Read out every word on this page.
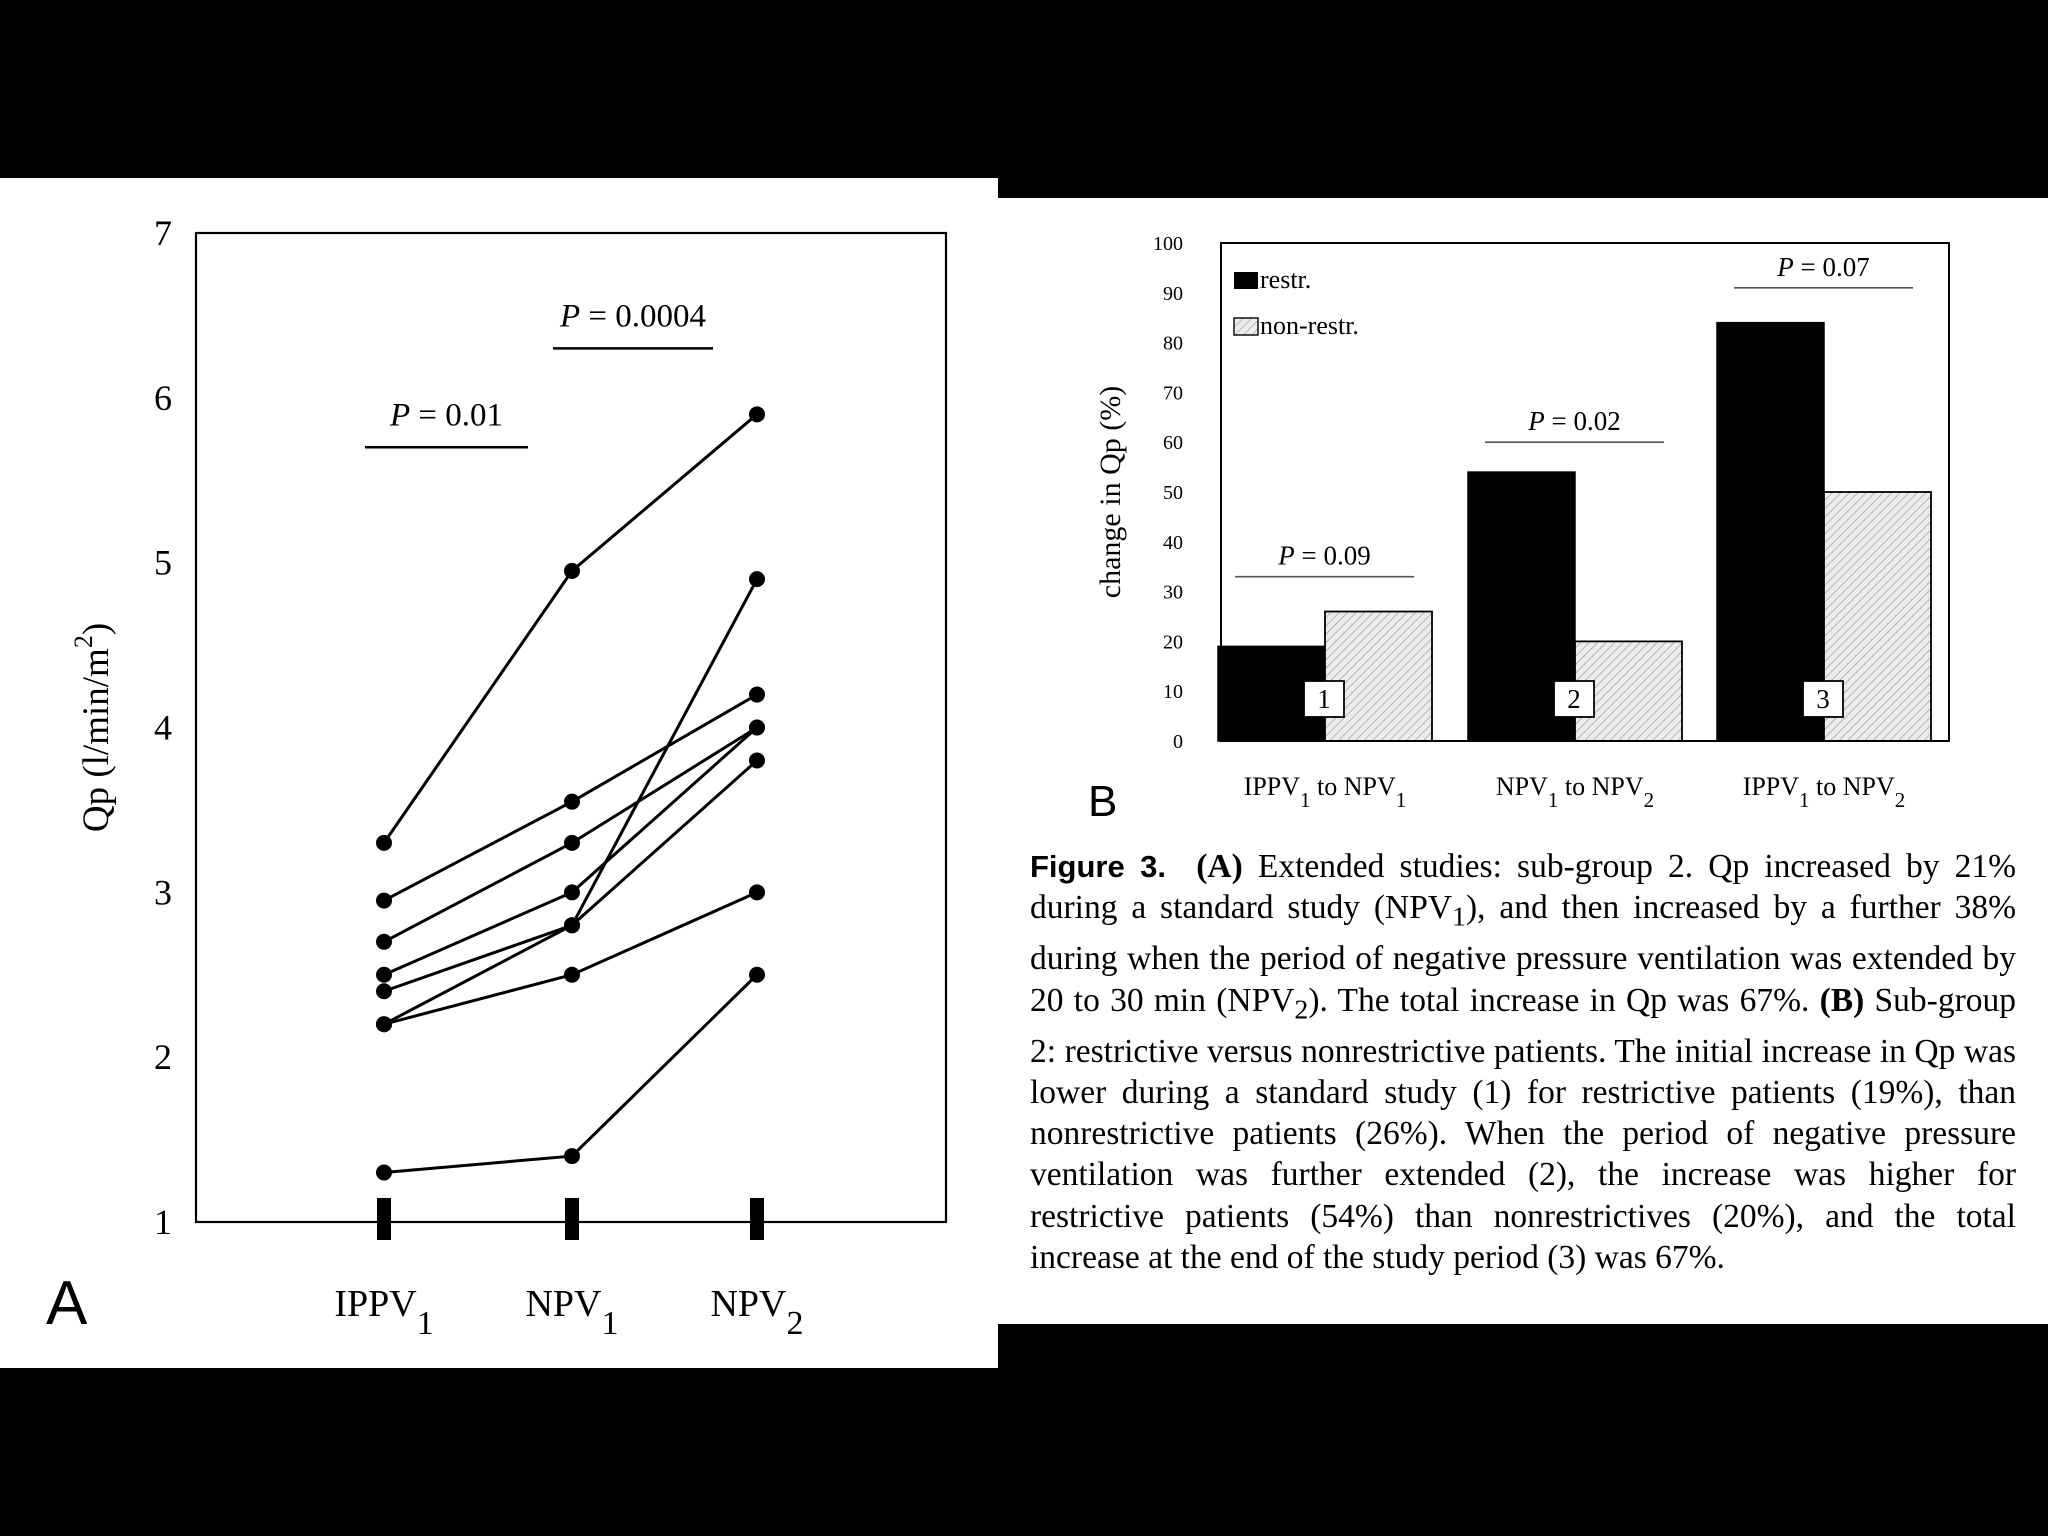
1
2
3
4
5
6
7
Qp $(l/\min/m^2)$
IPPV1 NPV1 NPV2
P = 0.01
P = 0.0004
A
0
10
20
30
40
50
60
70
80
90
100
change in Qp (%)
1
P = 0.09
$IPPV_1$ to $NPV_1$
2
P = 0.02
$NPV_1$ to $NPV_2$
3
P = 0.07
$IPPV_1$ to $NPV_2$
restr.
non-restr.
B
Figure 3. (A) Extended studies: sub-group 2. Qp increased by 21% during a standard study $(NPV_1)$, and then increased by a further 38% during when the period of negative pressure ventilation was extended by 20 to 30 $\min (NPV_2)$. The total increase in Qp was 67%. (B) Sub-group 2: restrictive versus nonrestrictive patients. The initial increase in Qp was lower during a standard study (1) for restrictive patients (19%), than nonrestrictive patients (26%). When the period of negative pressure ventilation was further extended (2), the increase was higher for restrictive patients (54%) than nonrestrictives (20%), and the total increase at the end of the study period (3) was 67%.
